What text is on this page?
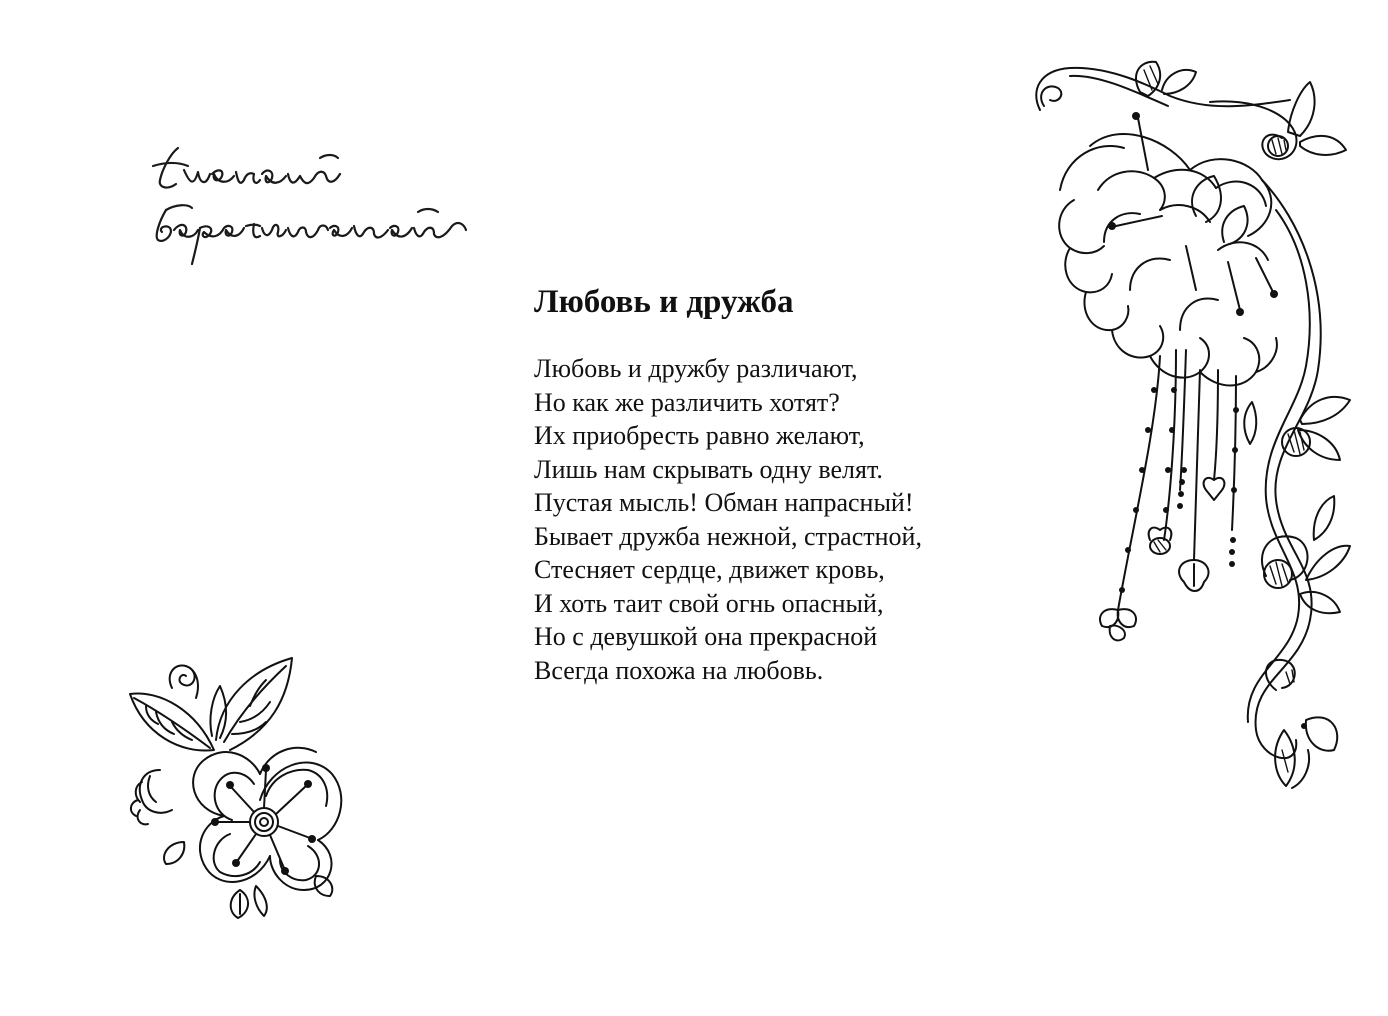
Любовь и дружба
Любовь и дружбу различают,
Но как же различить хотят?
Их приобресть равно желают,
Лишь нам скрывать одну велят.
Пустая мысль! Обман напрасный!
Бывает дружба нежной, страстной,
Стесняет сердце, движет кровь,
И хоть таит свой огнь опасный,
Но с девушкой она прекрасной
Всегда похожа на любовь.
